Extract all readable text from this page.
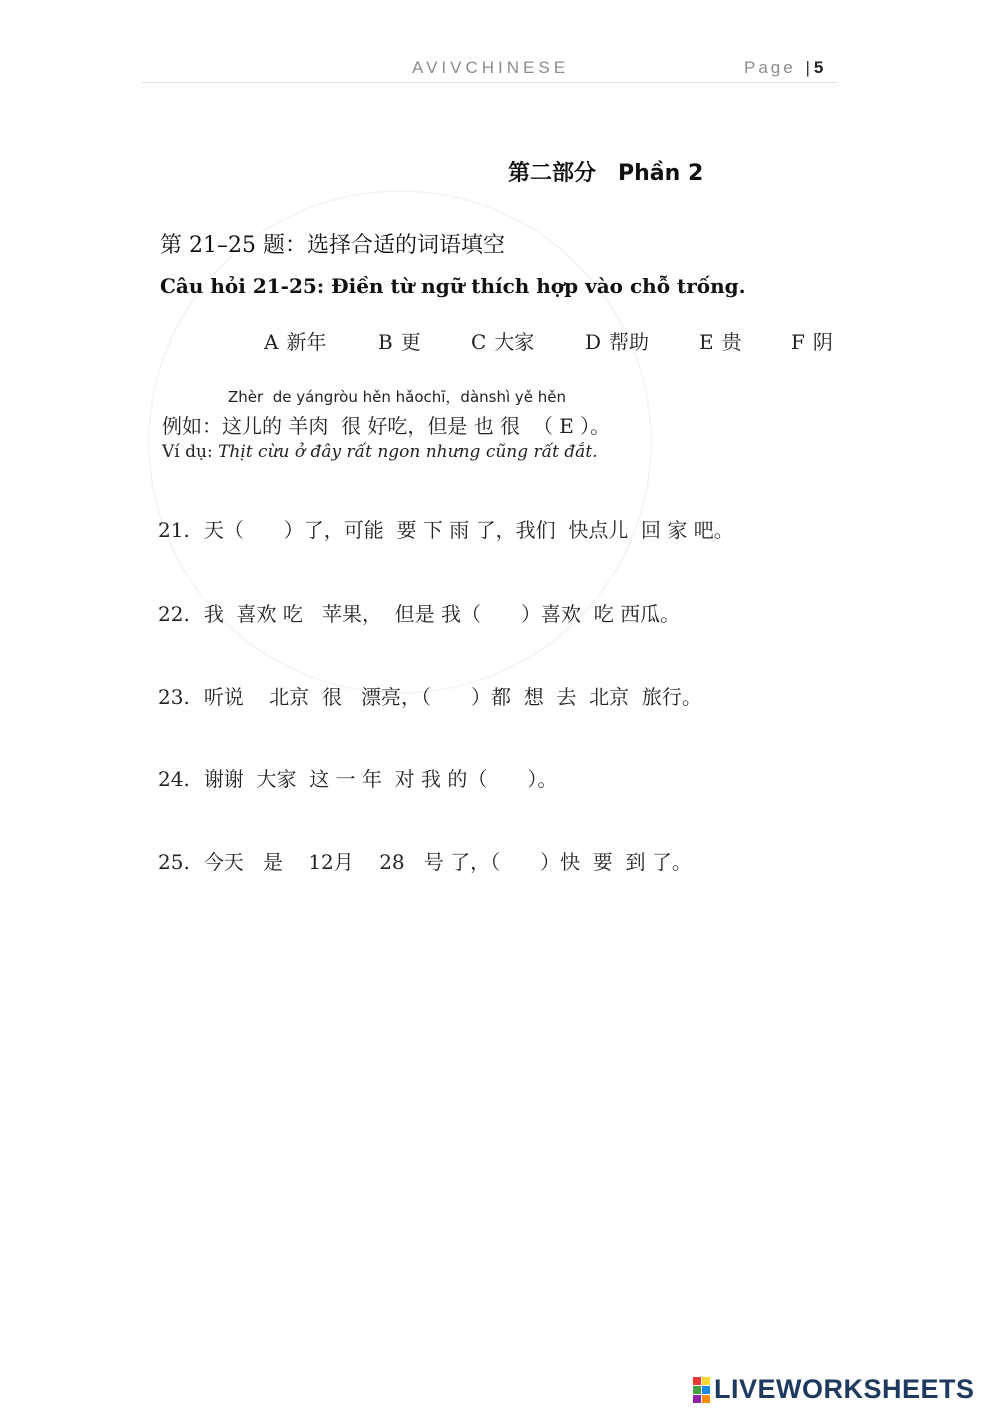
AVIVCHINESE	Page | 5
第二部分　Phần 2
第 21–25 题：选择合适的词语填空
Câu hỏi 21-25: Điền từ ngữ thích hợp vào chỗ trống.
A 新年	B 更	C 大家	D 帮助 E 贵 F 阴
Zhèr  de yángròu hěn hǎochī，dànshì yě hěn
例如：这儿的 羊肉  很 好吃，但是 也 很  （ E ）。
Ví dụ: Thịt cừu ở đây rất ngon nhưng cũng rất đắt.
21. 天（　　）了，可能  要 下 雨 了，我们  快点儿  回 家 吧。
22. 我  喜欢 吃   苹果，  但是 我（　　）喜欢  吃 西瓜。
23. 听说    北京  很   漂亮，（　　）都  想  去  北京  旅行。
24. 谢谢  大家  这 一 年  对 我 的（　　）。
25. 今天   是    12月    28   号 了，（　　）快  要  到 了。
LIVEWORKSHEETS
